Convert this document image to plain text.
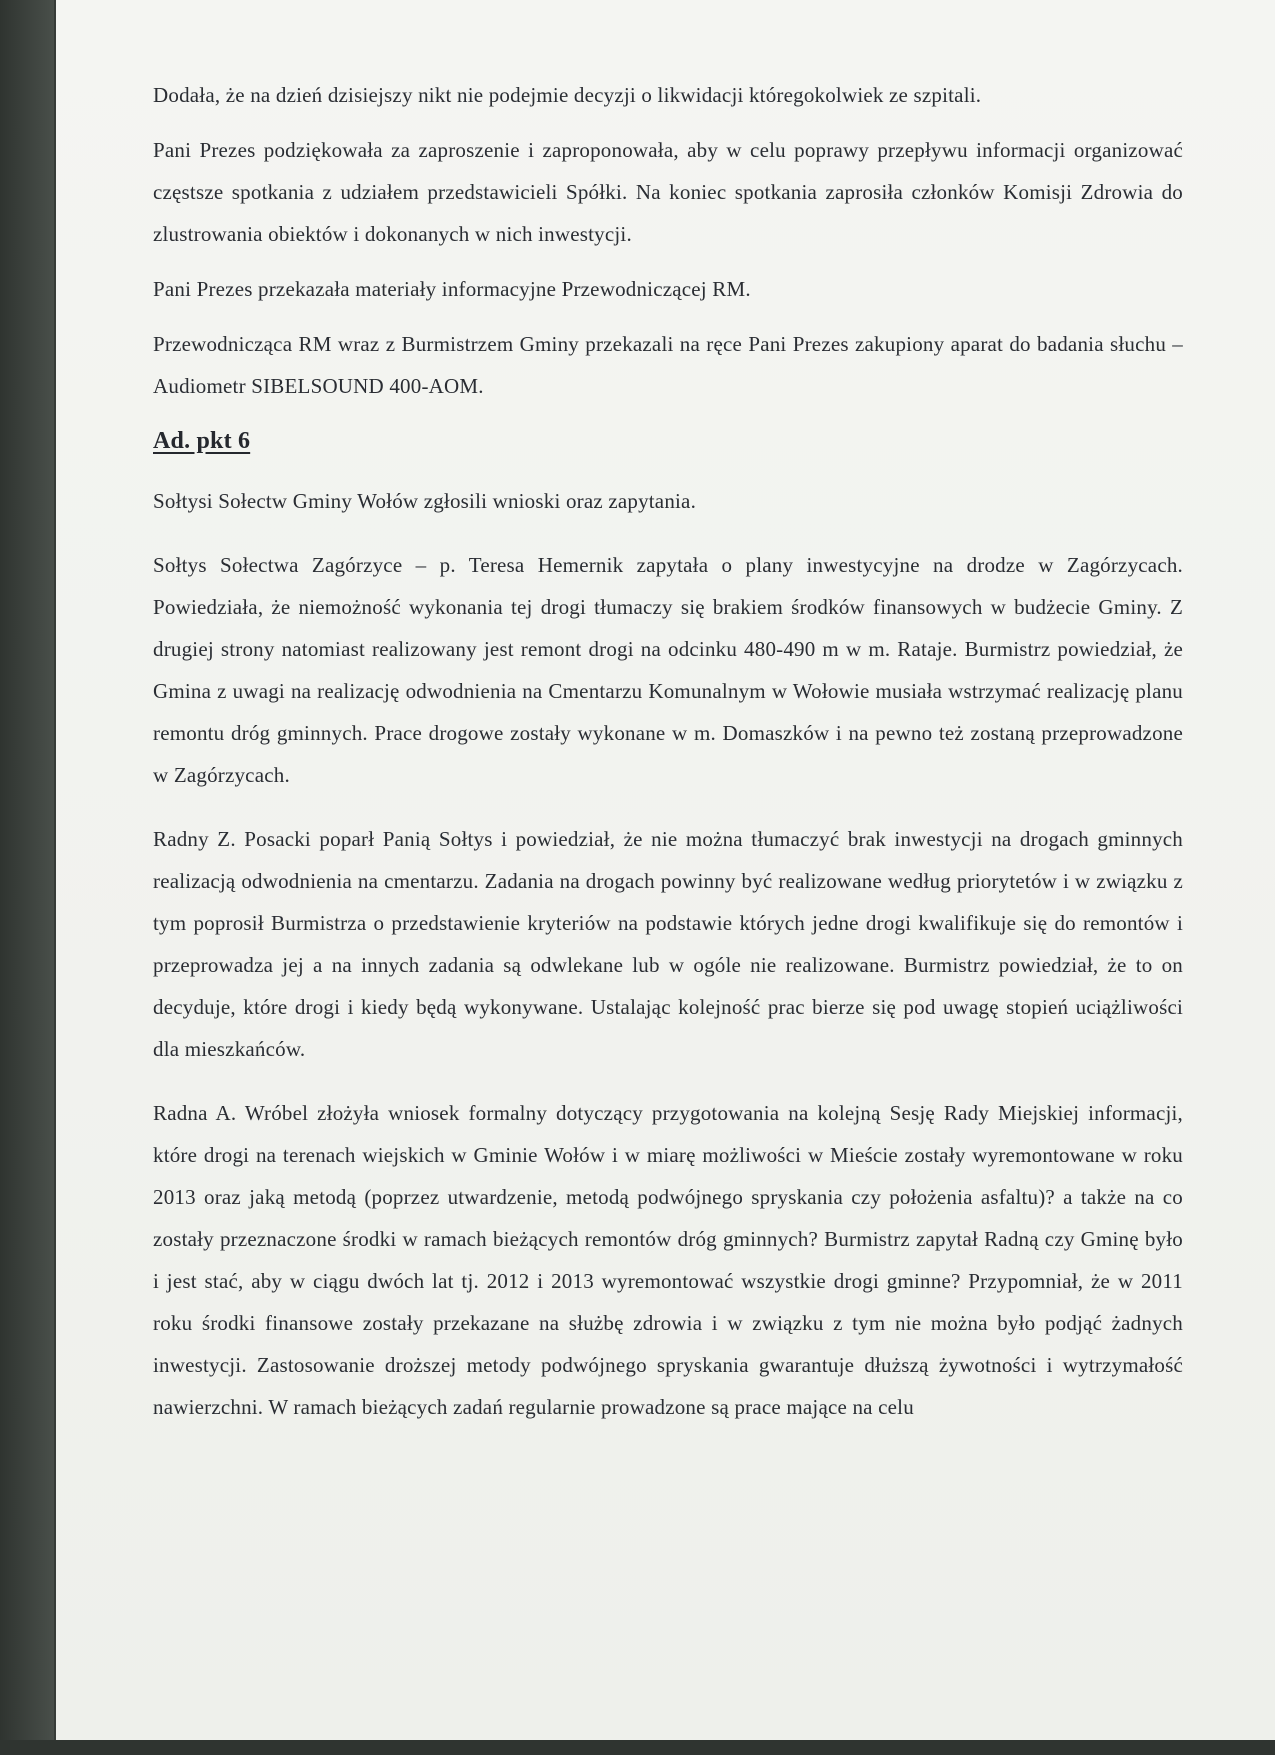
Dodała, że na dzień dzisiejszy nikt nie podejmie decyzji o likwidacji któregokolwiek ze szpitali.

Pani Prezes podziękowała za zaproszenie i zaproponowała, aby w celu poprawy przepływu informacji organizować częstsze spotkania z udziałem przedstawicieli Spółki. Na koniec spotkania zaprosiła członków Komisji Zdrowia do zlustrowania obiektów i dokonanych w nich inwestycji.

Pani Prezes przekazała materiały informacyjne Przewodniczącej RM.

Przewodnicząca RM wraz z Burmistrzem Gminy przekazali na ręce Pani Prezes zakupiony aparat do badania słuchu – Audiometr SIBELSOUND 400-AOM.

Ad. pkt 6

Sołtysi Sołectw Gminy Wołów zgłosili wnioski oraz zapytania.

Sołtys Sołectwa Zagórzyce – p. Teresa Hemernik zapytała o plany inwestycyjne na drodze w Zagórzycach. Powiedziała, że niemożność wykonania tej drogi tłumaczy się brakiem środków finansowych w budżecie Gminy. Z drugiej strony natomiast realizowany jest remont drogi na odcinku 480-490 m w m. Rataje. Burmistrz powiedział, że Gmina z uwagi na realizację odwodnienia na Cmentarzu Komunalnym w Wołowie musiała wstrzymać realizację planu remontu dróg gminnych. Prace drogowe zostały wykonane w m. Domaszków i na pewno też zostaną przeprowadzone w Zagórzycach.

Radny Z. Posacki poparł Panią Sołtys i powiedział, że nie można tłumaczyć brak inwestycji na drogach gminnych realizacją odwodnienia na cmentarzu. Zadania na drogach powinny być realizowane według priorytetów i w związku z tym poprosił Burmistrza o przedstawienie kryteriów na podstawie których jedne drogi kwalifikuje się do remontów i przeprowadza jej a na innych zadania są odwlekane lub w ogóle nie realizowane. Burmistrz powiedział, że to on decyduje, które drogi i kiedy będą wykonywane. Ustalając kolejność prac bierze się pod uwagę stopień uciążliwości dla mieszkańców.

Radna A. Wróbel złożyła wniosek formalny dotyczący przygotowania na kolejną Sesję Rady Miejskiej informacji, które drogi na terenach wiejskich w Gminie Wołów i w miarę możliwości w Mieście zostały wyremontowane w roku 2013 oraz jaką metodą (poprzez utwardzenie, metodą podwójnego spryskania czy położenia asfaltu)? a także na co zostały przeznaczone środki w ramach bieżących remontów dróg gminnych? Burmistrz zapytał Radną czy Gminę było i jest stać, aby w ciągu dwóch lat tj. 2012 i 2013 wyremontować wszystkie drogi gminne? Przypomniał, że w 2011 roku środki finansowe zostały przekazane na służbę zdrowia i w związku z tym nie można było podjąć żadnych inwestycji. Zastosowanie droższej metody podwójnego spryskania gwarantuje dłuższą żywotności i wytrzymałość nawierzchni. W ramach bieżących zadań regularnie prowadzone są prace mające na celu
